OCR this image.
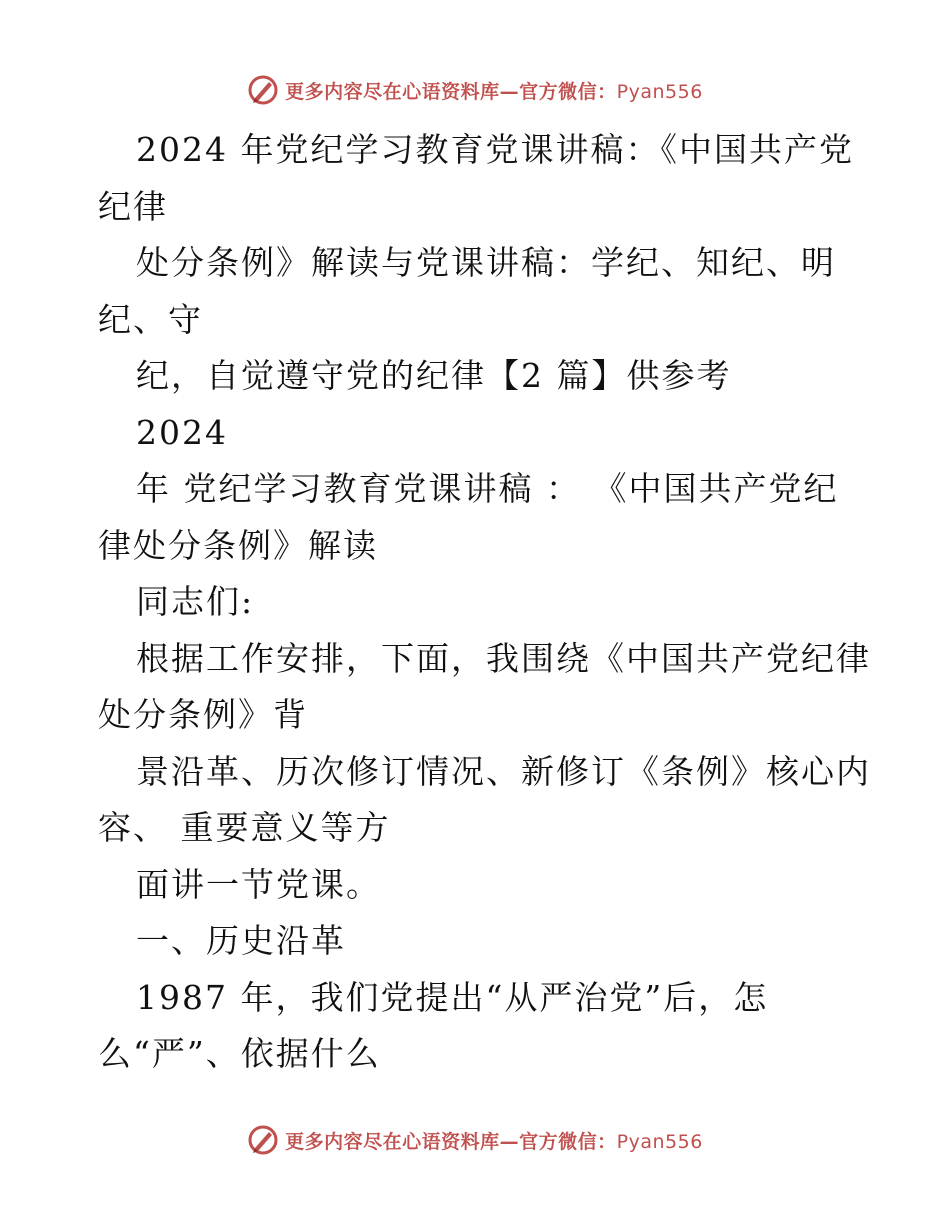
更多内容尽在心语资料库—官方微信：Pyan556
2024 年党纪学习教育党课讲稿：《中国共产党
纪律
处分条例》解读与党课讲稿：学纪、知纪、明
纪、守
纪，自觉遵守党的纪律【2 篇】供参考
2024
年 党纪学习教育党课讲稿 ： 《中国共产党纪
律处分条例》解读
同志们:
根据工作安排，下面，我围绕《中国共产党纪律
处分条例》背
景沿革、历次修订情况、新修订《条例》核心内
容、 重要意义等方
面讲一节党课。
一、历史沿革
1987 年，我们党提出“从严治党”后，怎
么“严”、依据什么
更多内容尽在心语资料库—官方微信：Pyan556
